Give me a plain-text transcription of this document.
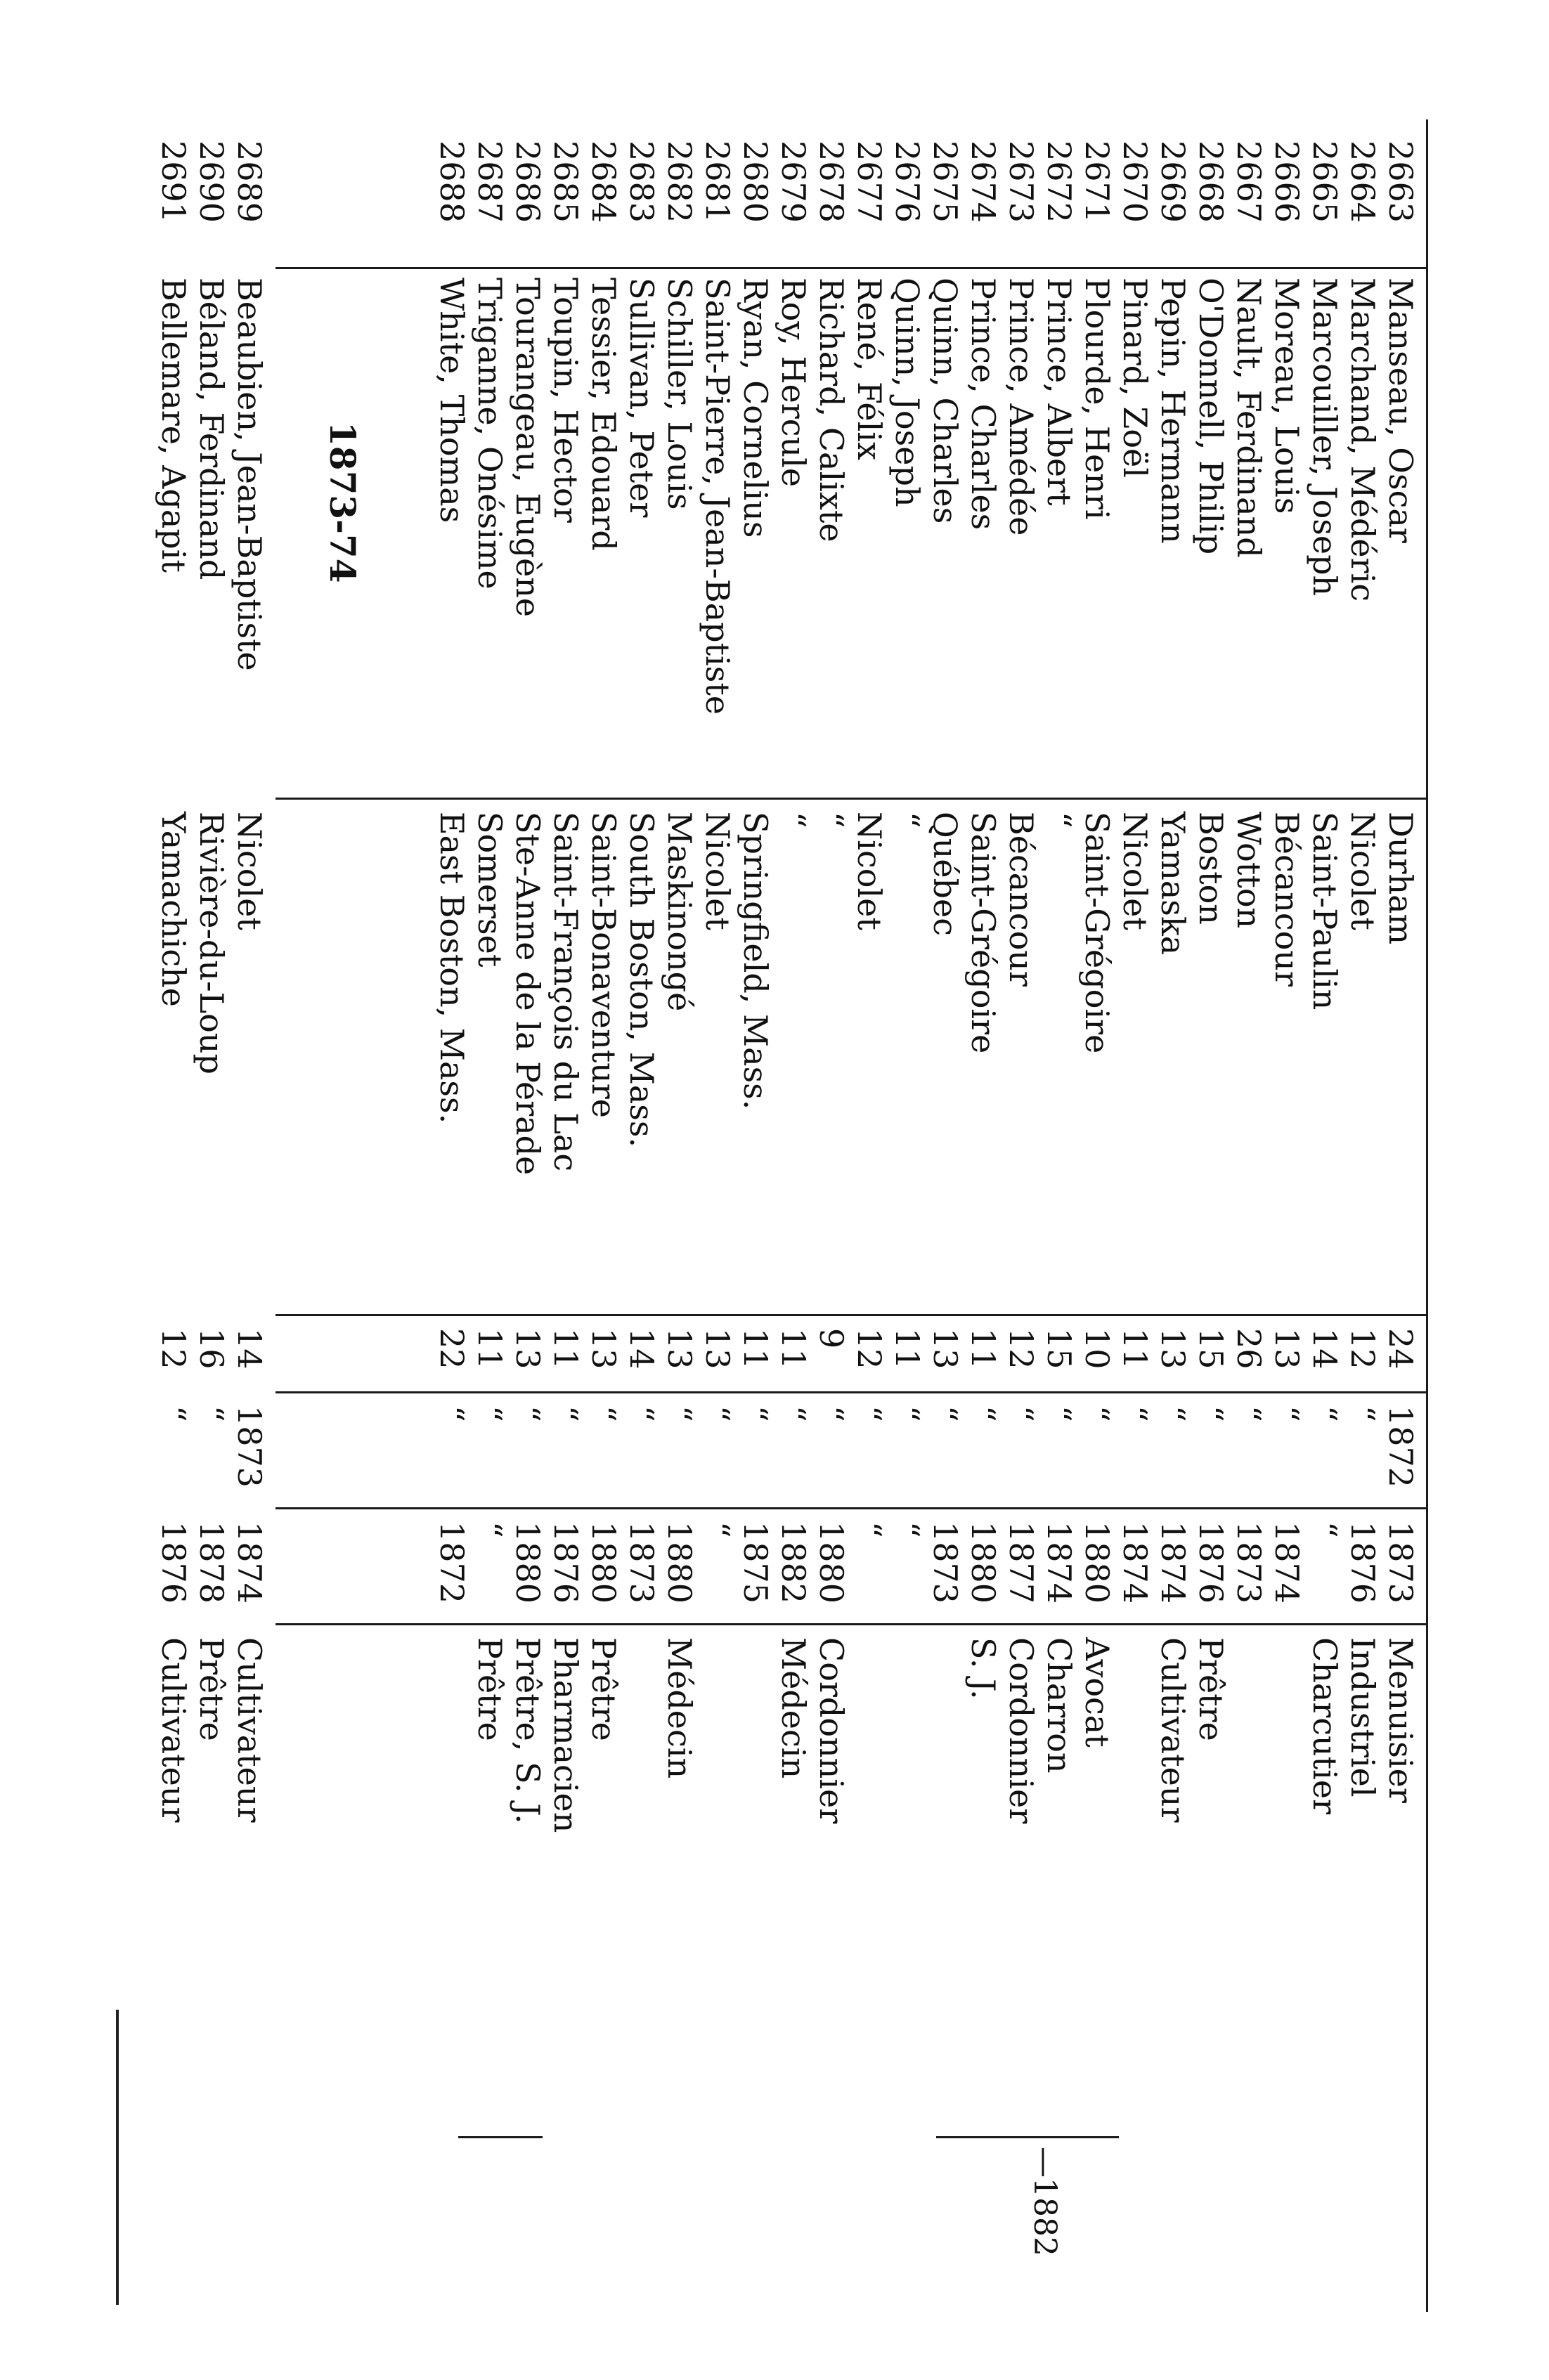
—1882
2663
Manseau, Oscar
Durham
24
1872
1873
Menuisier
2664
Marchand, Médéric
Nicolet
12
“
1876
Industriel
2665
Marcouiller, Joseph
Saint-Paulin
14
“
“
Charcutier
2666
Moreau, Louis
Bécancour
13
“
1874
2667
Nault, Ferdinand
Wotton
26
“
1873
2668
O'Donnell, Philip
Boston
15
“
1876
Prêtre
2669
Pepin, Hermann
Yamaska
13
“
1874
Cultivateur
2670
Pinard, Zoël
Nicolet
11
“
1874
2671
Plourde, Henri
Saint-Grégoire
10
“
1880
Avocat
2672
Prince, Albert
“
15
“
1874
Charron
2673
Prince, Amédée
Bécancour
12
“
1877
Cordonnier
2674
Prince, Charles
Saint-Grégoire
11
“
1880
S. J.
2675
Quinn, Charles
Québec
13
“
1873
2676
Quinn, Joseph
“
11
“
“
2677
René, Félix
Nicolet
12
“
“
2678
Richard, Calixte
“
9
“
1880
Cordonnier
2679
Roy, Hercule
“
11
“
1882
Médecin
2680
Ryan, Cornelius
Springfield, Mass.
11
“
1875
2681
Saint-Pierre, Jean-Baptiste
Nicolet
13
“
“
2682
Schiller, Louis
Maskinongé
13
“
1880
Médecin
2683
Sullivan, Peter
South Boston, Mass.
14
“
1873
2684
Tessier, Edouard
Saint-Bonaventure
13
“
1880
Prêtre
2685
Toupin, Hector
Saint-François du Lac
11
“
1876
Pharmacien
2686
Tourangeau, Eugène
Ste-Anne de la Pérade
13
“
1880
Prêtre, S. J.
2687
Triganne, Onésime
Somerset
11
“
“
Prêtre
2688
White, Thomas
East Boston, Mass.
22
“
1872
1873-74
2689
Beaubien, Jean-Baptiste
Nicolet
14
1873
1874
Cultivateur
2690
Béland, Ferdinand
Rivière-du-Loup
16
“
1878
Prêtre
2691
Bellemare, Agapit
Yamachiche
12
“
1876
Cultivateur
